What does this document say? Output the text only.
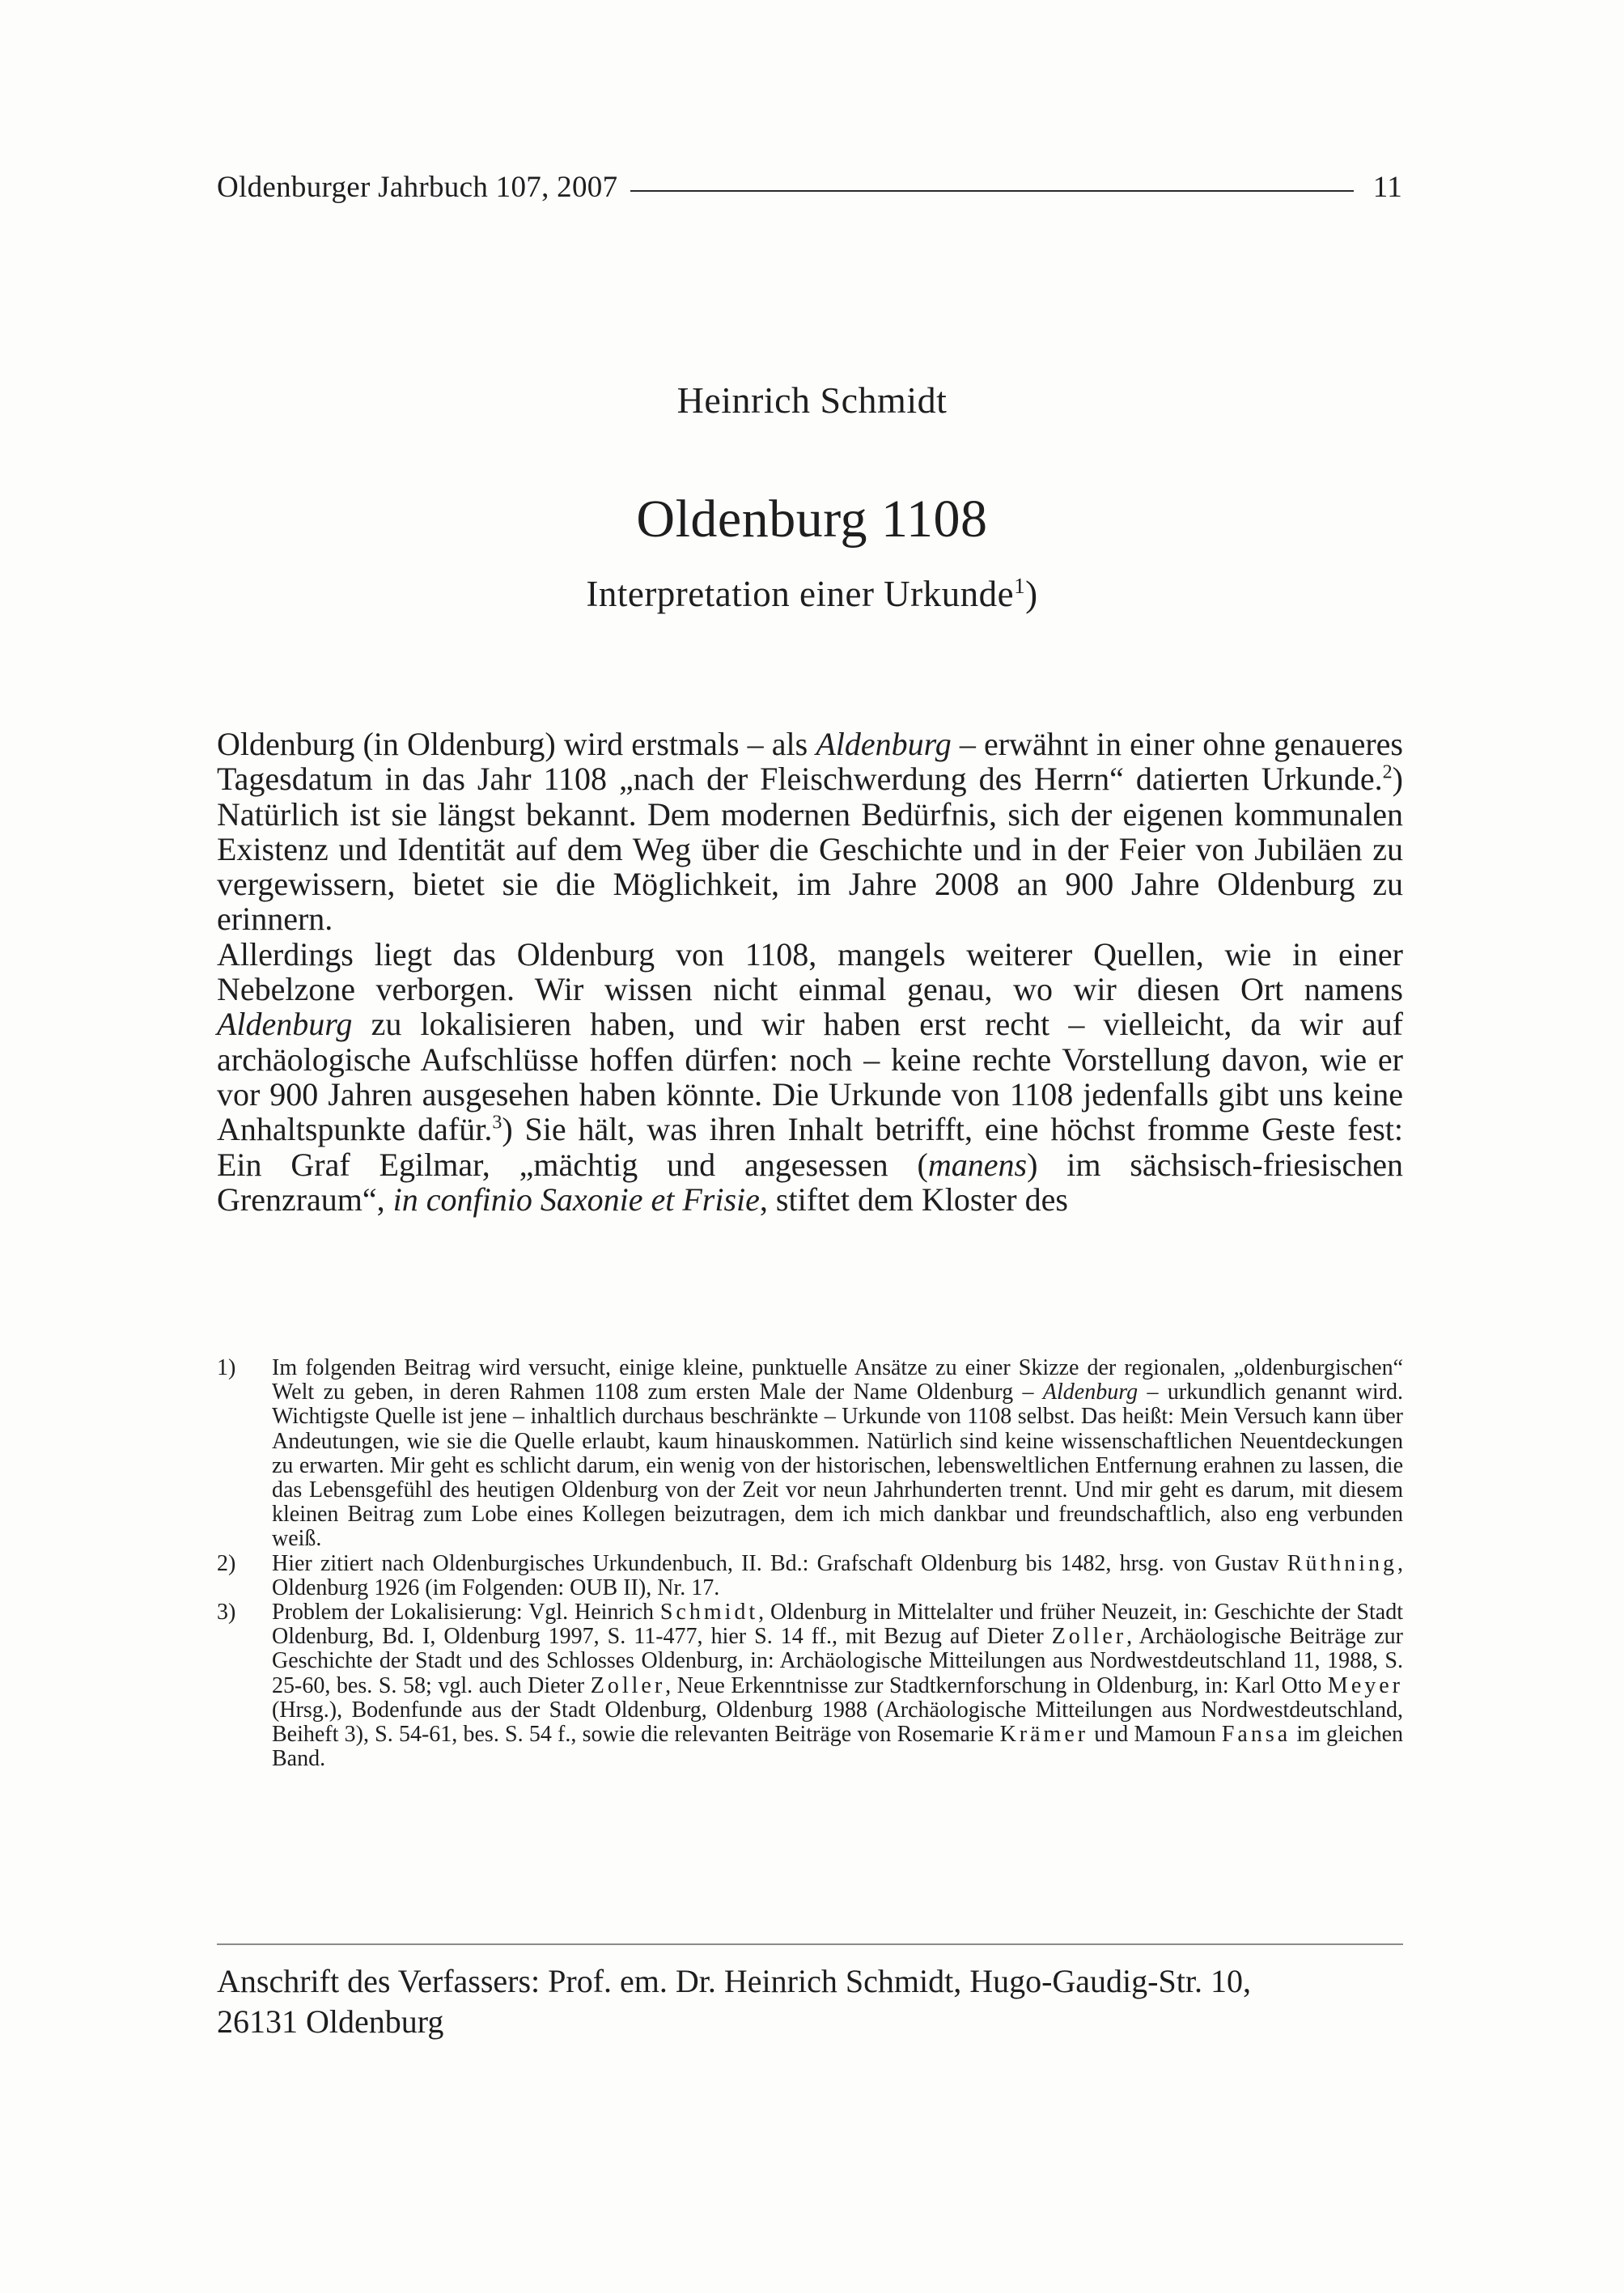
Oldenburger Jahrbuch 107, 2007	11
Heinrich Schmidt
Oldenburg 1108
Interpretation einer Urkunde$^1$)

Oldenburg (in Oldenburg) wird erstmals – als Aldenburg – erwähnt in einer ohne genaueres Tagesdatum in das Jahr 1108 „nach der Fleischwerdung des Herrn“ datierten Urkunde.$^2$) Natürlich ist sie längst bekannt. Dem modernen Bedürfnis, sich der eigenen kommunalen Existenz und Identität auf dem Weg über die Geschichte und in der Feier von Jubiläen zu vergewissern, bietet sie die Möglichkeit, im Jahre 2008 an 900 Jahre Oldenburg zu erinnern.

Allerdings liegt das Oldenburg von 1108, mangels weiterer Quellen, wie in einer Nebelzone verborgen. Wir wissen nicht einmal genau, wo wir diesen Ort namens Aldenburg zu lokalisieren haben, und wir haben erst recht – vielleicht, da wir auf archäologische Aufschlüsse hoffen dürfen: noch – keine rechte Vorstellung davon, wie er vor 900 Jahren ausgesehen haben könnte. Die Urkunde von 1108 jedenfalls gibt uns keine Anhaltspunkte dafür.$^3$) Sie hält, was ihren Inhalt betrifft, eine höchst fromme Geste fest: Ein Graf Egilmar, „mächtig und angesessen (manens) im sächsisch-friesischen Grenzraum“, in confinio Saxonie et Frisie, stiftet dem Kloster des

1)	Im folgenden Beitrag wird versucht, einige kleine, punktuelle Ansätze zu einer Skizze der regionalen, „oldenburgischen“ Welt zu geben, in deren Rahmen 1108 zum ersten Male der Name Oldenburg – Aldenburg – urkundlich genannt wird. Wichtigste Quelle ist jene – inhaltlich durchaus beschränkte – Urkunde von 1108 selbst. Das heißt: Mein Versuch kann über Andeutungen, wie sie die Quelle erlaubt, kaum hinauskommen. Natürlich sind keine wissenschaftlichen Neuentdeckungen zu erwarten. Mir geht es schlicht darum, ein wenig von der historischen, lebensweltlichen Entfernung erahnen zu lassen, die das Lebensgefühl des heutigen Oldenburg von der Zeit vor neun Jahrhunderten trennt. Und mir geht es darum, mit diesem kleinen Beitrag zum Lobe eines Kollegen beizutragen, dem ich mich dankbar und freundschaftlich, also eng verbunden weiß.
2)	Hier zitiert nach Oldenburgisches Urkundenbuch, II. Bd.: Grafschaft Oldenburg bis 1482, hrsg. von Gustav Rüthning, Oldenburg 1926 (im Folgenden: OUB II), Nr. 17.
3)	Problem der Lokalisierung: Vgl. Heinrich Schmidt, Oldenburg in Mittelalter und früher Neuzeit, in: Geschichte der Stadt Oldenburg, Bd. I, Oldenburg 1997, S. 11-477, hier S. 14 ff., mit Bezug auf Dieter Zoller, Archäologische Beiträge zur Geschichte der Stadt und des Schlosses Oldenburg, in: Archäologische Mitteilungen aus Nordwestdeutschland 11, 1988, S. 25-60, bes. S. 58; vgl. auch Dieter Zoller, Neue Erkenntnisse zur Stadtkernforschung in Oldenburg, in: Karl Otto Meyer (Hrsg.), Bodenfunde aus der Stadt Oldenburg, Oldenburg 1988 (Archäologische Mitteilungen aus Nordwestdeutschland, Beiheft 3), S. 54-61, bes. S. 54 f., sowie die relevanten Beiträge von Rosemarie Krämer und Mamoun Fansa im gleichen Band.
Anschrift des Verfassers: Prof. em. Dr. Heinrich Schmidt, Hugo-Gaudig-Str. 10,
26131 Oldenburg
